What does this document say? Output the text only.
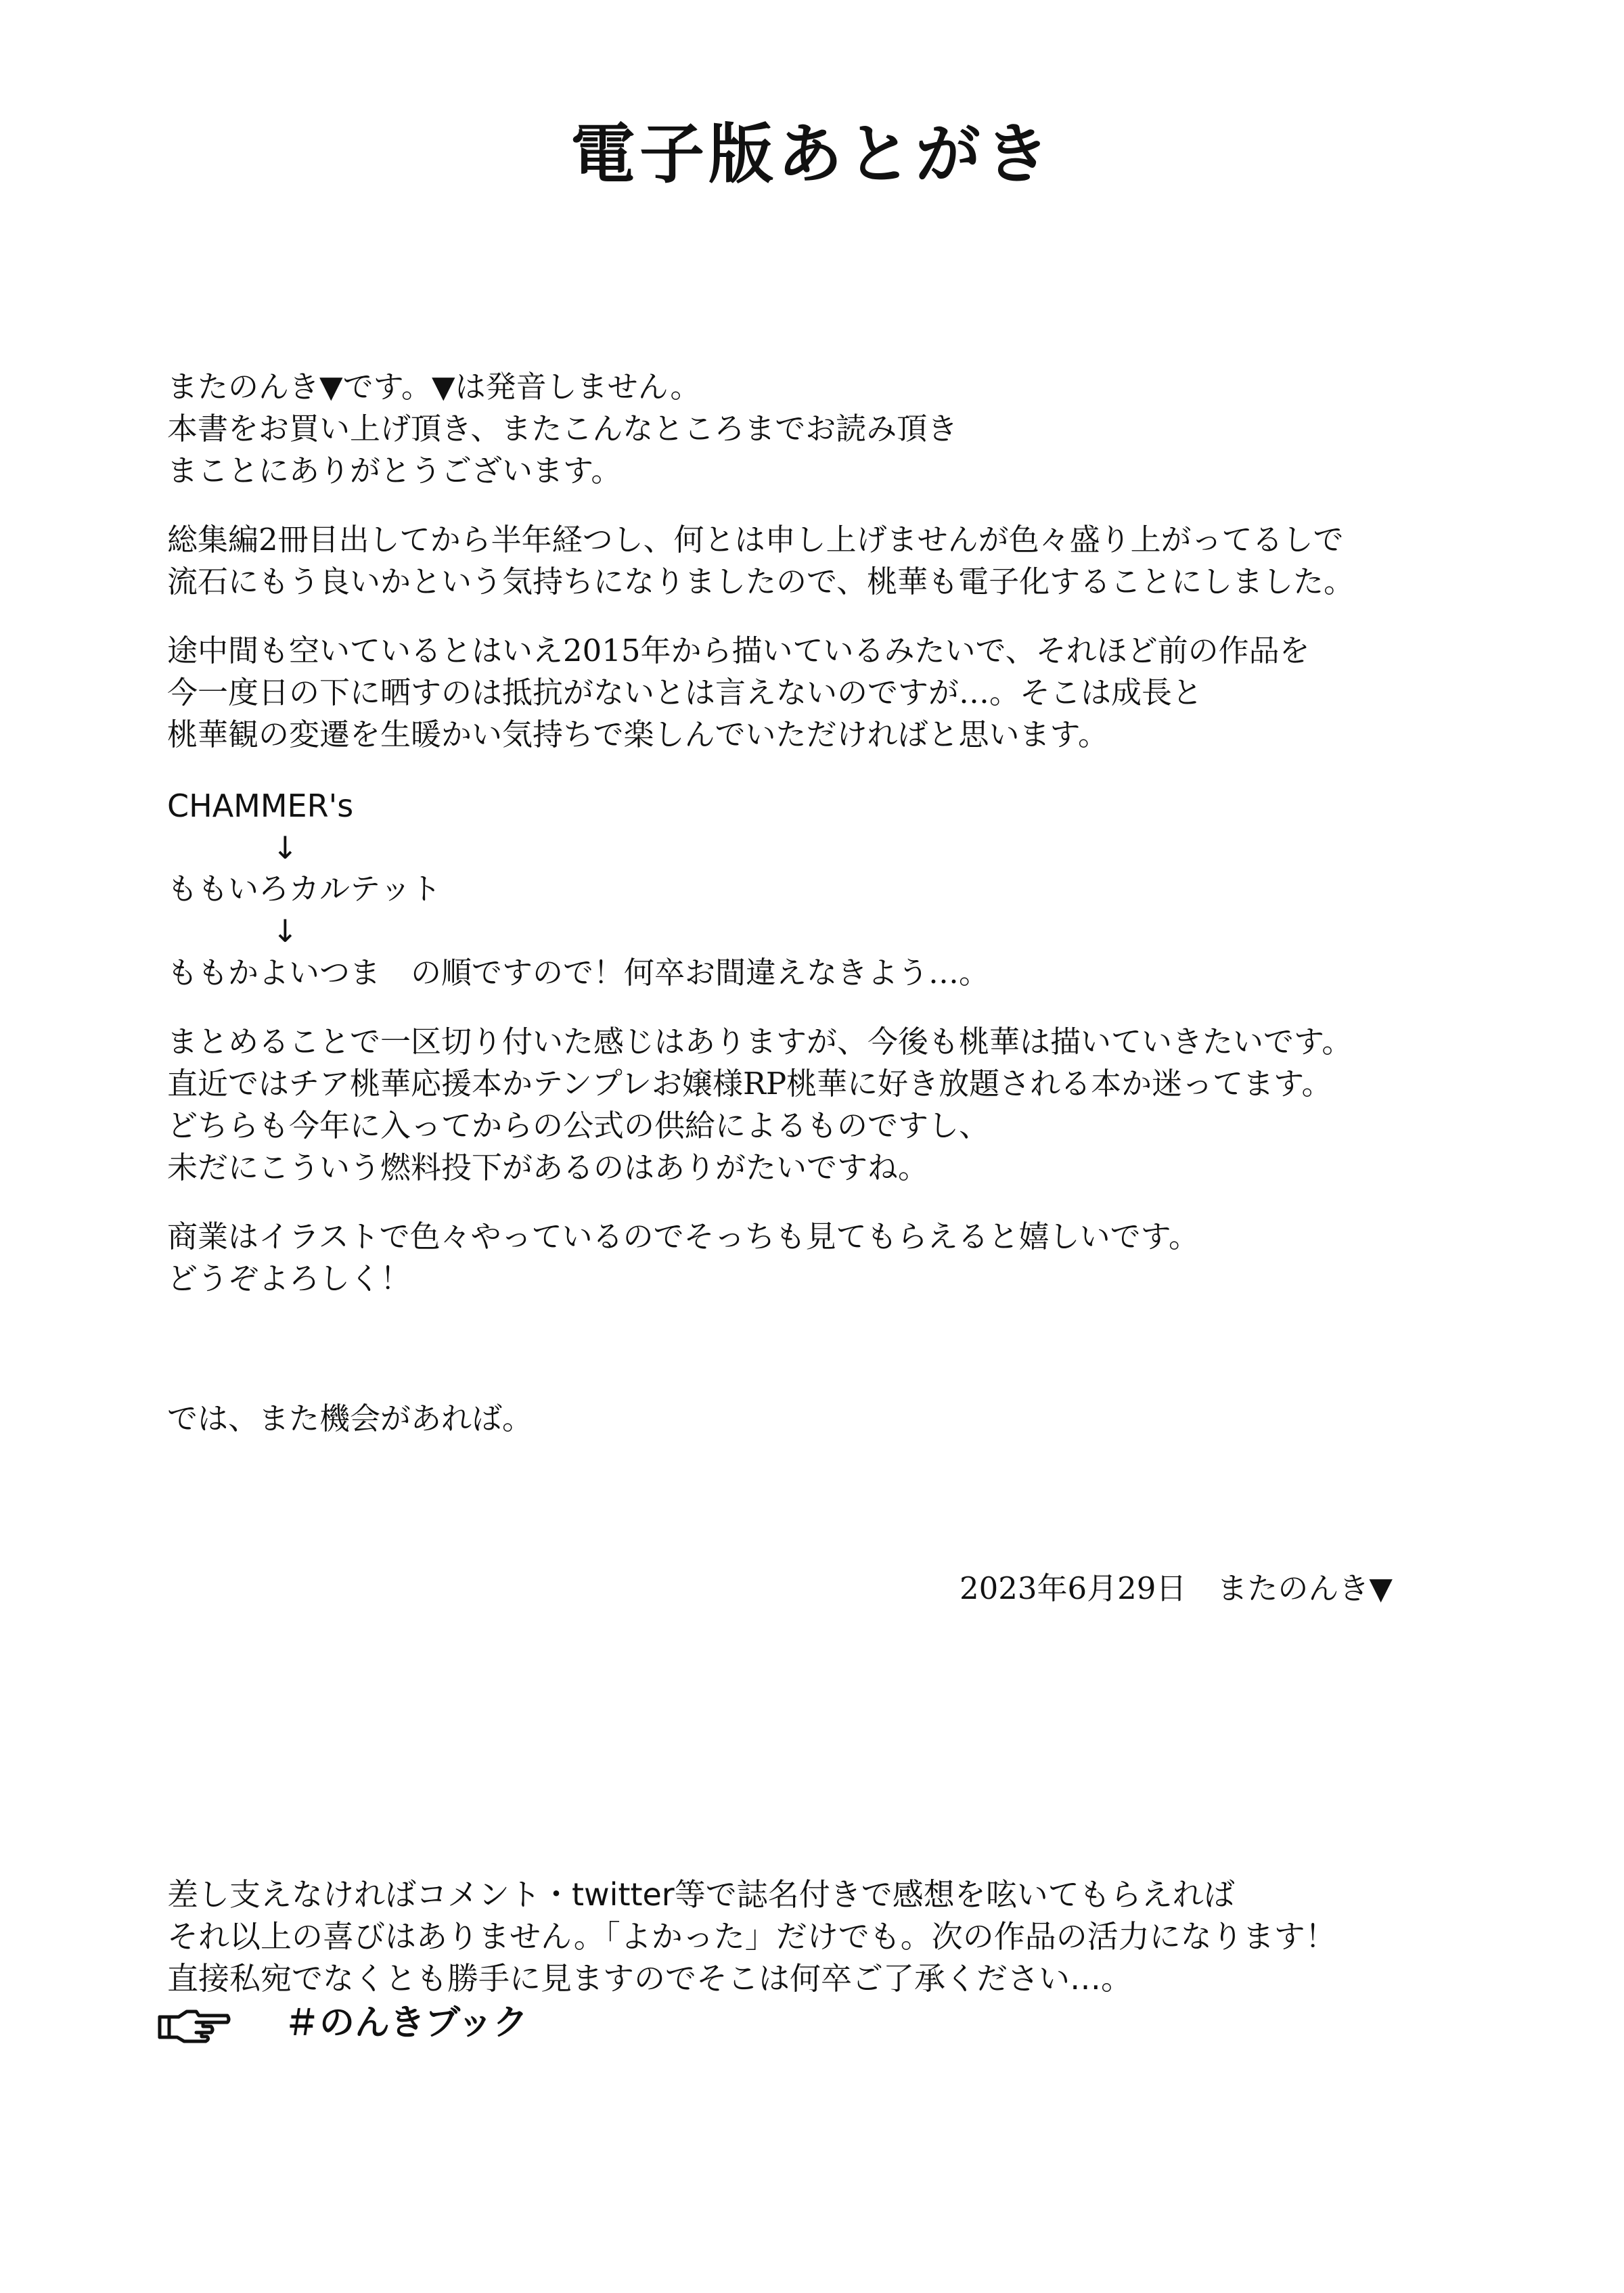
電子版あとがき
またのんき▼です。▼は発音しません。
本書をお買い上げ頂き、またこんなところまでお読み頂き
まことにありがとうございます。
総集編2冊目出してから半年経つし、何とは申し上げませんが色々盛り上がってるしで
流石にもう良いかという気持ちになりましたので、桃華も電子化することにしました。
途中間も空いているとはいえ2015年から描いているみたいで、それほど前の作品を
今一度日の下に晒すのは抵抗がないとは言えないのですが…。そこは成長と
桃華観の変遷を生暖かい気持ちで楽しんでいただければと思います。
CHAMMER's
↓
ももいろカルテット
↓
ももかよいつま　の順ですので！何卒お間違えなきよう…。
まとめることで一区切り付いた感じはありますが、今後も桃華は描いていきたいです。
直近ではチア桃華応援本かテンプレお嬢様RP桃華に好き放題される本か迷ってます。
どちらも今年に入ってからの公式の供給によるものですし、
未だにこういう燃料投下があるのはありがたいですね。
商業はイラストで色々やっているのでそっちも見てもらえると嬉しいです。
どうぞよろしく！
では、また機会があれば。
2023年6月29日　またのんき▼
差し支えなければコメント・twitter等で誌名付きで感想を呟いてもらえれば
それ以上の喜びはありません。「よかった」だけでも。次の作品の活力になります！
直接私宛でなくとも勝手に見ますのでそこは何卒ご了承ください…。
＃のんきブック
